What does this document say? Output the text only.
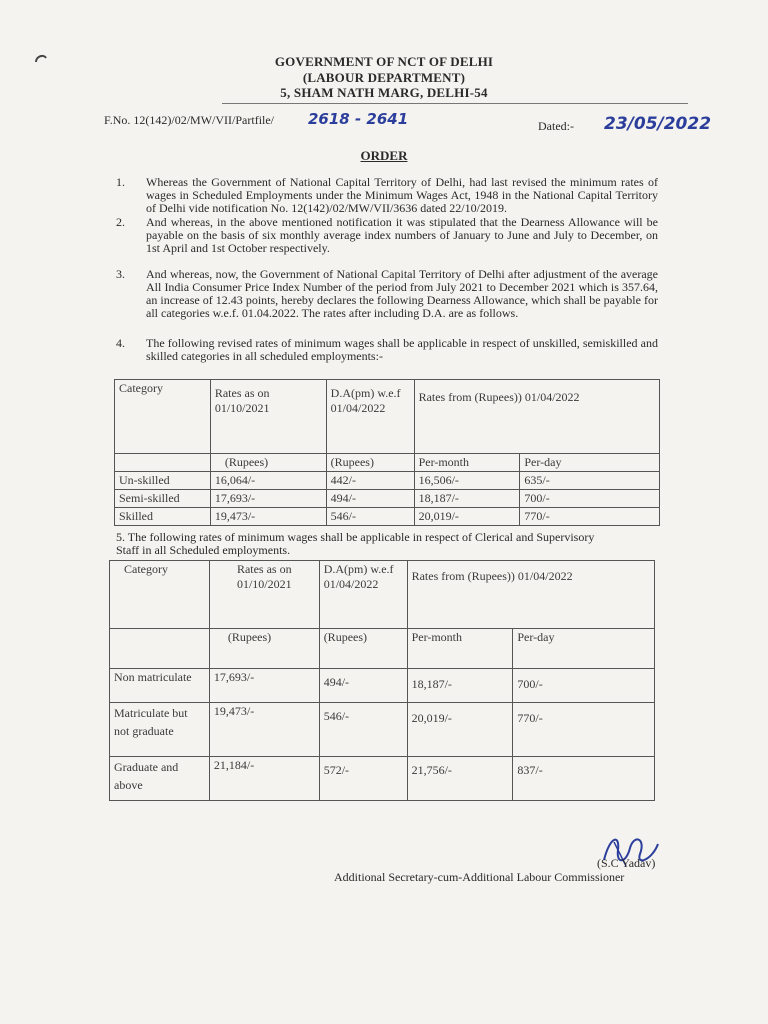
GOVERNMENT OF NCT OF DELHI
(LABOUR DEPARTMENT)
5, SHAM NATH MARG, DELHI-54
F.No. 12(142)/02/MW/VII/Partfile/ 2618 - 2641	Dated:- 23/05/2022
ORDER
1. Whereas the Government of National Capital Territory of Delhi, had last revised the minimum rates of wages in Scheduled Employments under the Minimum Wages Act, 1948 in the National Capital Territory of Delhi vide notification No. 12(142)/02/MW/VII/3636 dated 22/10/2019.
2. And whereas, in the above mentioned notification it was stipulated that the Dearness Allowance will be payable on the basis of six monthly average index numbers of January to June and July to December, on 1st April and 1st October respectively.
3. And whereas, now, the Government of National Capital Territory of Delhi after adjustment of the average All India Consumer Price Index Number of the period from July 2021 to December 2021 which is 357.64, an increase of 12.43 points, hereby declares the following Dearness Allowance, which shall be payable for all categories w.e.f. 01.04.2022. The rates after including D.A. are as follows.
4. The following revised rates of minimum wages shall be applicable in respect of unskilled, semiskilled and skilled categories in all scheduled employments:-
Category	Rates as on 01/10/2021	D.A(pm) w.e.f 01/04/2022	Rates from (Rupees)) 01/04/2022	
	(Rupees)	(Rupees)	Per-month	Per-day
Un-skilled	16,064/-	442/-	16,506/-	635/-
Semi-skilled	17,693/-	494/-	18,187/-	700/-
Skilled	19,473/-	546/-	20,019/-	770/-
5. The following rates of minimum wages shall be applicable in respect of Clerical and Supervisory Staff in all Scheduled employments.
Category	Rates as on 01/10/2021	D.A(pm) w.e.f 01/04/2022	Rates from (Rupees)) 01/04/2022	
	(Rupees)	(Rupees)	Per-month	Per-day
Non matriculate	17,693/-	494/-	18,187/-	700/-
Matriculate but not graduate	19,473/-	546/-	20,019/-	770/-
Graduate and above	21,184/-	572/-	21,756/-	837/-
(S.C Yadav)
Additional Secretary-cum-Additional Labour Commissioner
